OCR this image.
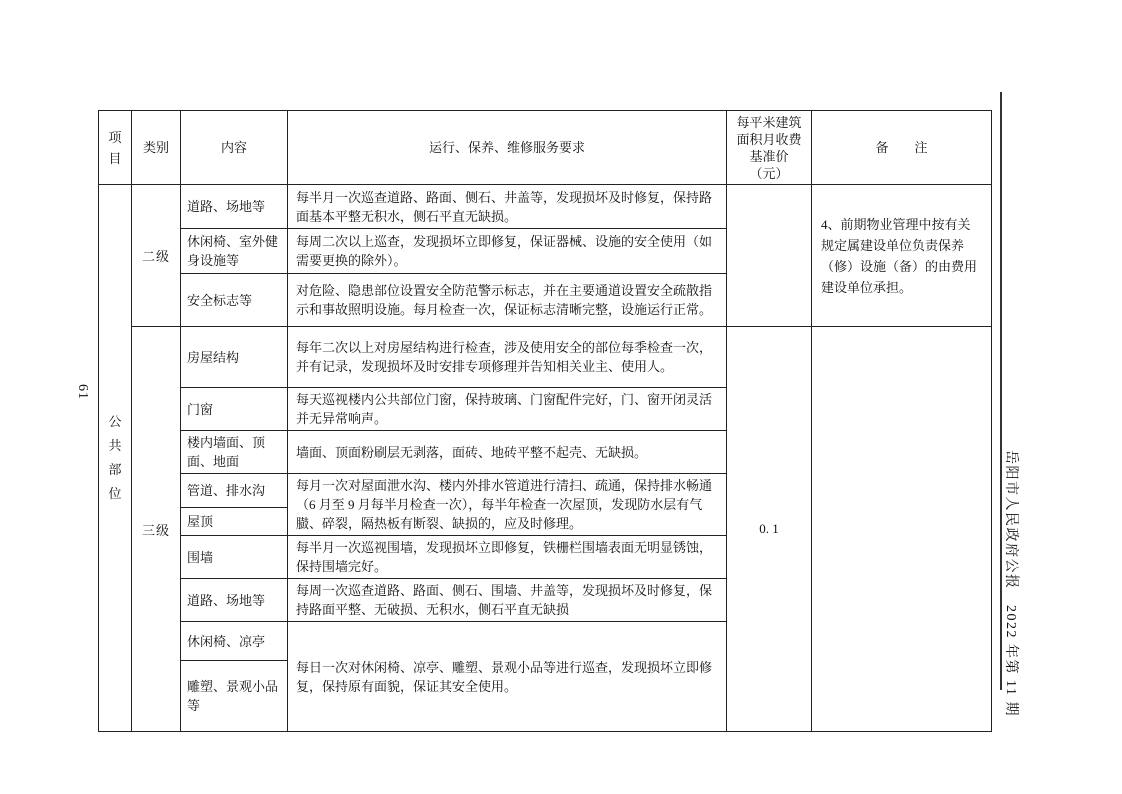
61
项目	类别	内容	运行、保养、维修服务要求	每平米建筑
面积月收费
基准价
（元）	备　　注

公共部位	二级	道路、场地等	每半月一次巡查道路、路面、侧石、井盖等，发现损坏及时修复，保持路面基本平整无积水，侧石平直无缺损。		4、前期物业管理中按有关规定属建设单位负责保养（修）设施（备）的由费用建设单位承担。
		休闲椅、室外健身设施等	每周二次以上巡查，发现损坏立即修复，保证器械、设施的安全使用（如需要更换的除外）。		
		安全标志等	对危险、隐患部位设置安全防范警示标志，并在主要通道设置安全疏散指示和事故照明设施。每月检查一次，保证标志清晰完整，设施运行正常。		
	三级	房屋结构	每年二次以上对房屋结构进行检查，涉及使用安全的部位每季检查一次，并有记录，发现损坏及时安排专项修理并告知相关业主、使用人。	0. 1	
		门窗	每天巡视楼内公共部位门窗，保持玻璃、门窗配件完好，门、窗开闭灵活并无异常响声。		
		楼内墙面、顶面、地面	墙面、顶面粉刷层无剥落，面砖、地砖平整不起壳、无缺损。		
		管道、排水沟	每月一次对屋面泄水沟、楼内外排水管道进行清扫、疏通，保持排水畅通（6 月至 9 月每半月检查一次），每半年检查一次屋顶，发现防水层有气臌、碎裂，隔热板有断裂、缺损的，应及时修理。		
		屋顶			
		围墙	每半月一次巡视围墙，发现损坏立即修复，铁栅栏围墙表面无明显锈蚀，保持围墙完好。		
		道路、场地等	每周一次巡查道路、路面、侧石、围墙、井盖等，发现损坏及时修复，保持路面平整、无破损、无积水，侧石平直无缺损		
		休闲椅、凉亭	每日一次对休闲椅、凉亭、雕塑、景观小品等进行巡查，发现损坏立即修复，保持原有面貌，保证其安全使用。		
		雕塑、景观小品等				岳阳市人民政府公报　2022 年第 11 期
